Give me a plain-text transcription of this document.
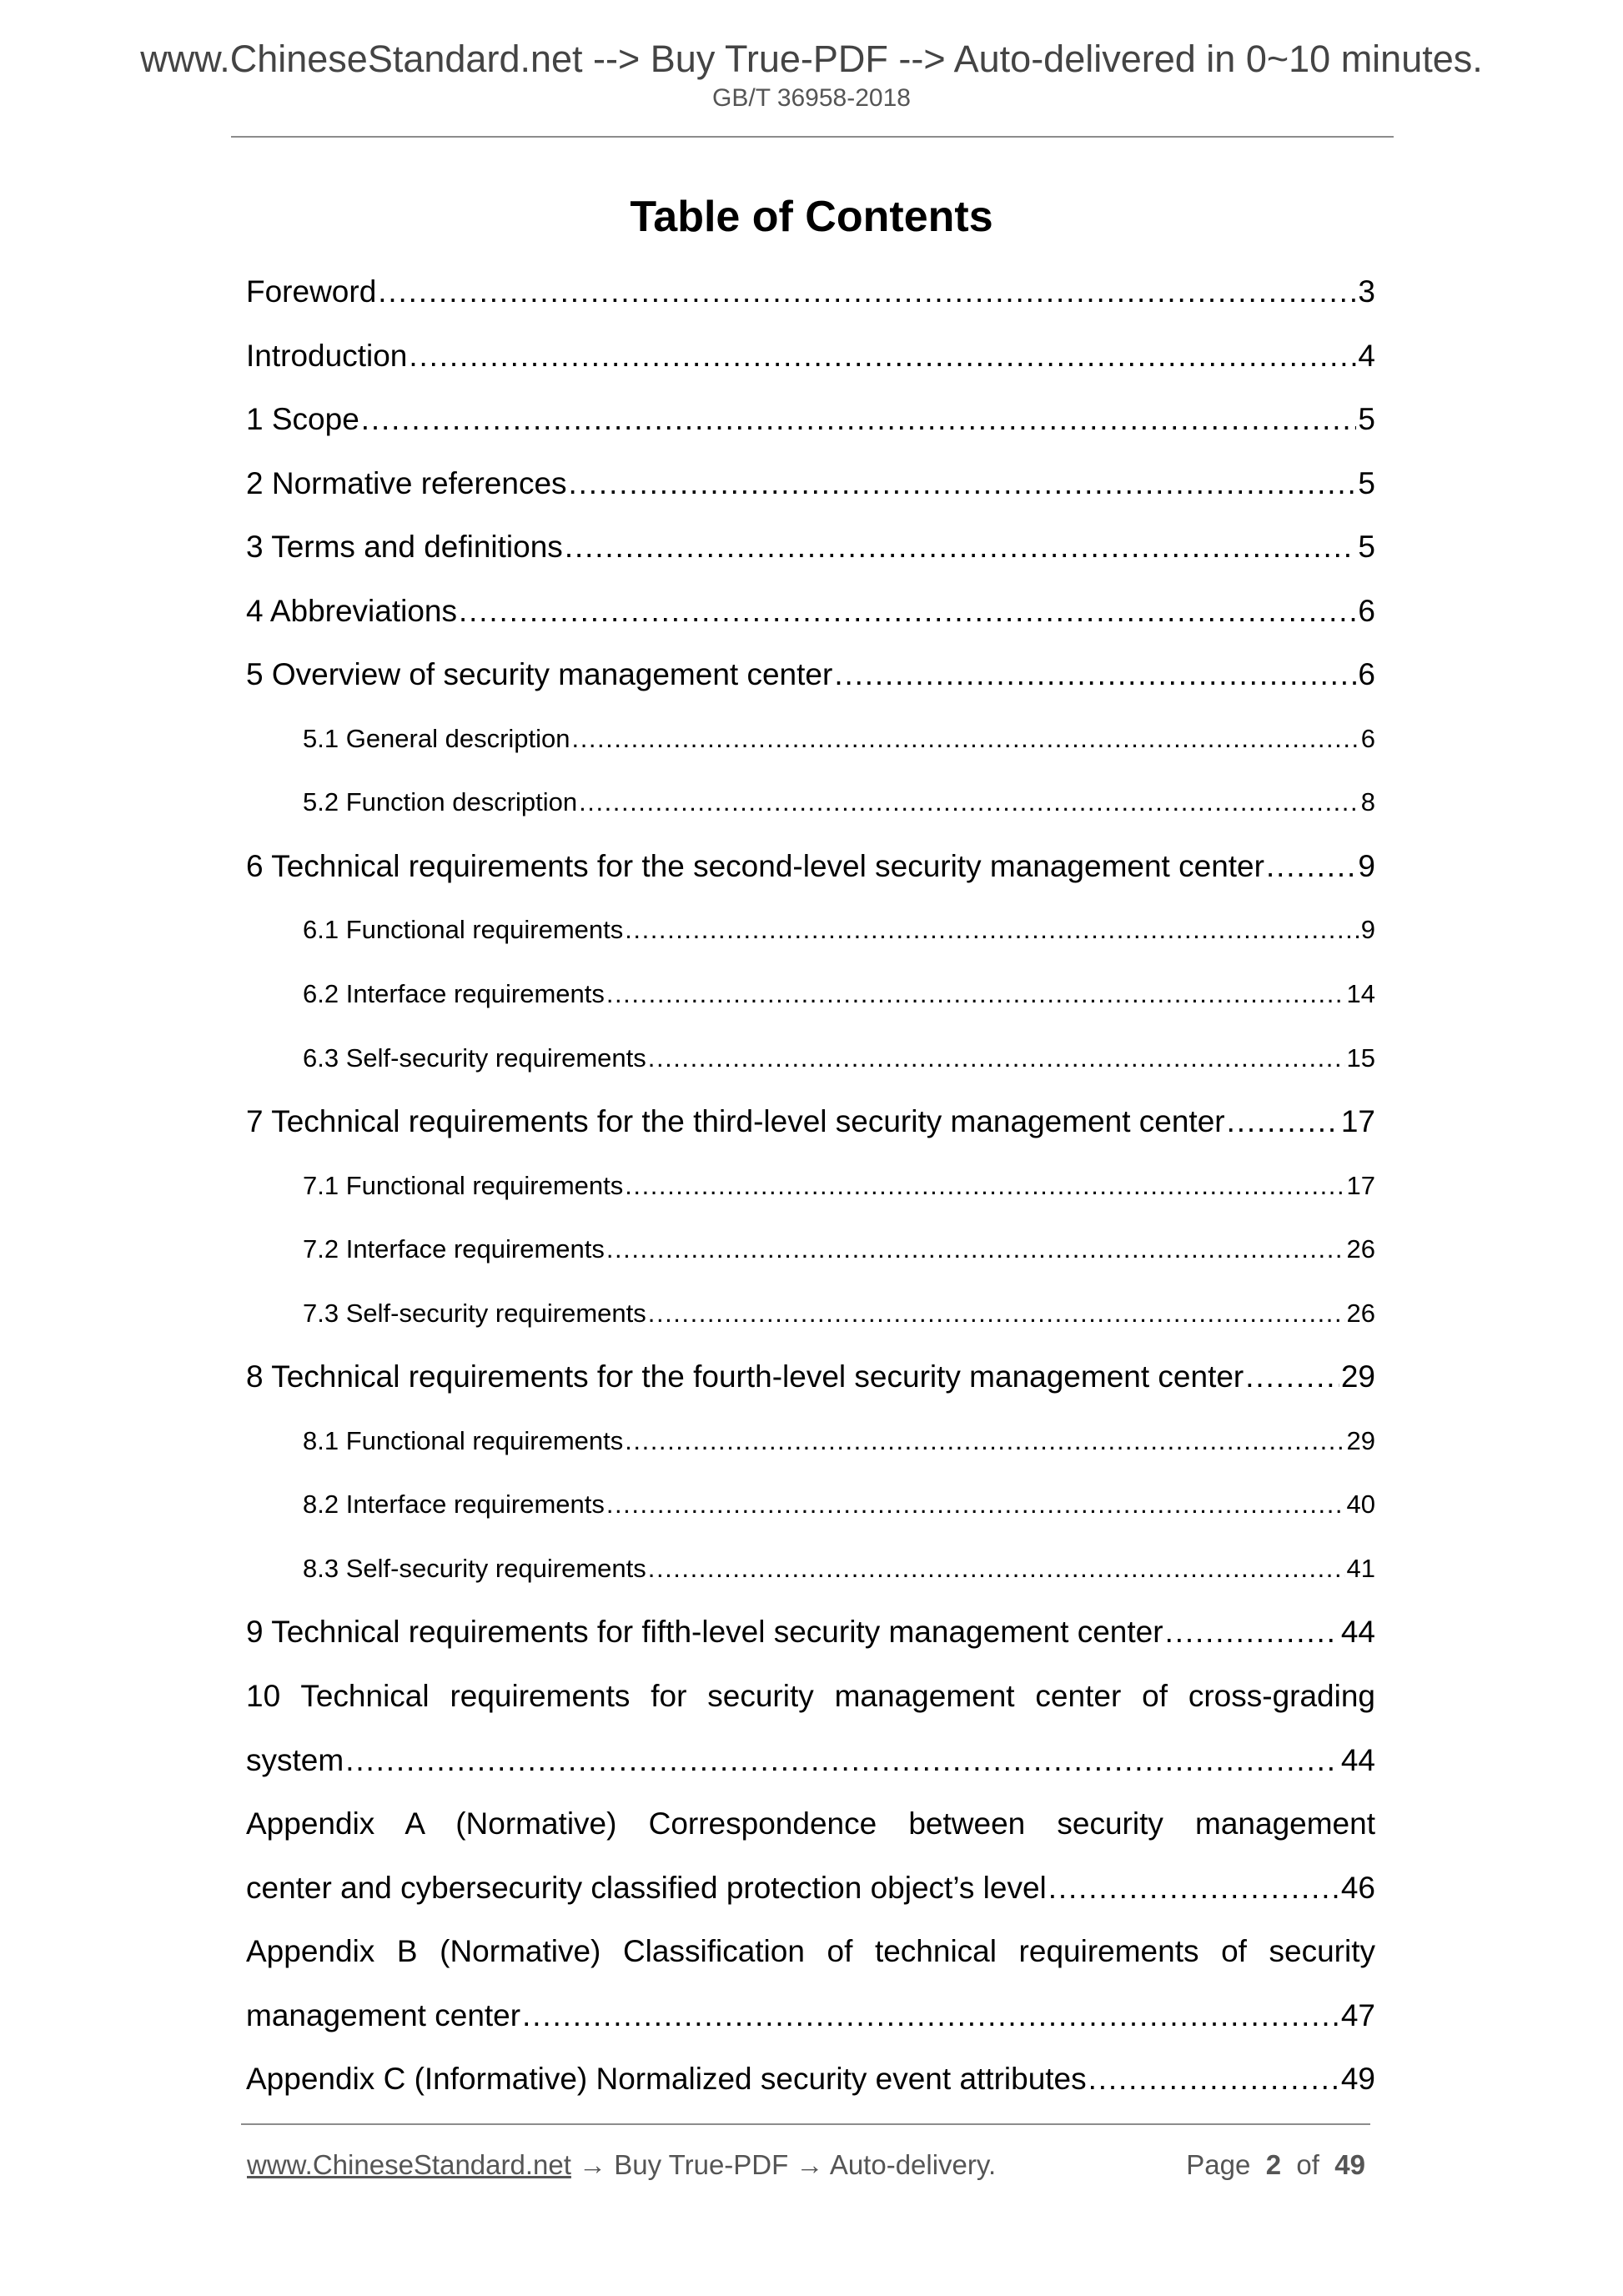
www.ChineseStandard.net --> Buy True-PDF --> Auto-delivered in 0~10 minutes.
GB/T 36958-2018
Table of Contents
Foreword .....	3
Introduction .....	4
1 Scope .....	5
2 Normative references .....	5
3 Terms and definitions .....	5
4 Abbreviations .....	6
5 Overview of security management center .....	6
5.1 General description .....	6
5.2 Function description .....	8
6 Technical requirements for the second-level security management center .....	9
6.1 Functional requirements .....	9
6.2 Interface requirements .....	14
6.3 Self-security requirements .....	15
7 Technical requirements for the third-level security management center .....	17
7.1 Functional requirements .....	17
7.2 Interface requirements .....	26
7.3 Self-security requirements .....	26
8 Technical requirements for the fourth-level security management center .....	29
8.1 Functional requirements .....	29
8.2 Interface requirements .....	40
8.3 Self-security requirements .....	41
9 Technical requirements for fifth-level security management center .....	44
10 Technical requirements for security management center of cross-grading
system .....	44
Appendix A (Normative) Correspondence between security management
center and cybersecurity classified protection object’s level .....	46
Appendix B (Normative) Classification of technical requirements of security
management center .....	47
Appendix C (Informative) Normalized security event attributes .....	49
www.ChineseStandard.net → Buy True-PDF → Auto-delivery.	Page 2 of 49
